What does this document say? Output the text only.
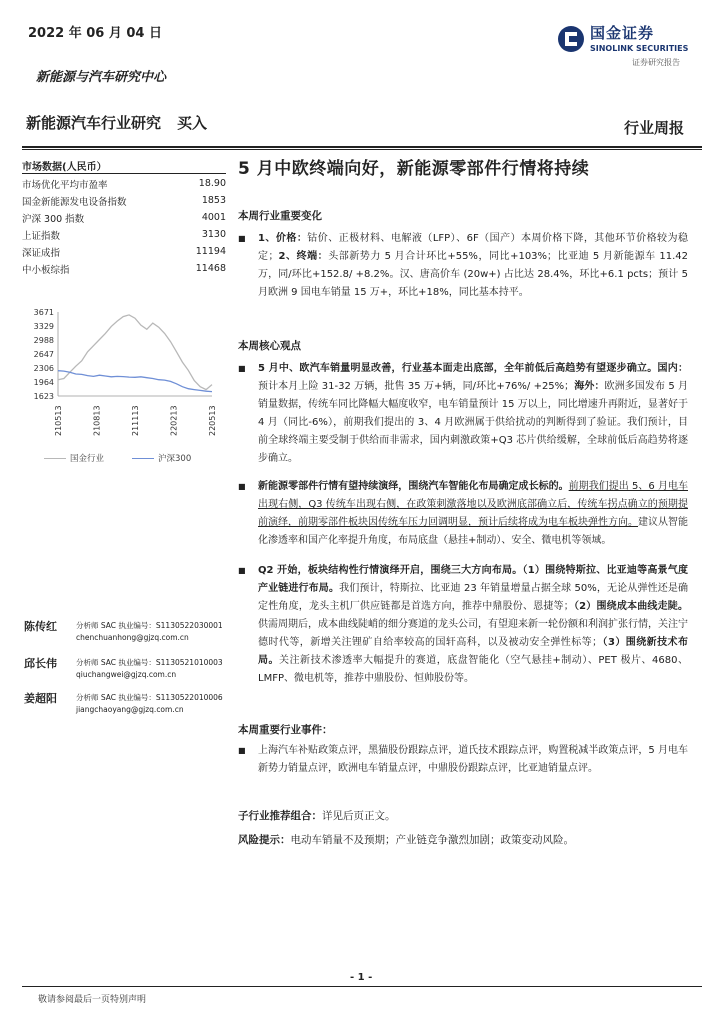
2022 年 06 月 04 日
新能源与汽车研究中心
国金证券
SINOLINK SECURITIES
证券研究报告
新能源汽车行业研究 买入	行业周报
市场数据(人民币）
市场优化平均市盈率	18.90
国金新能源发电设备指数	1853
沪深 300 指数	4001
上证指数	3130
深证成指	11194
中小板综指	11468
3671
3329
2988
2647
2306
1964
1623
210513	210813	211113	220213	220513
国金行业	沪深300
陈传红	分析师 SAC 执业编号：S1130522030001
chenchuanhong@gjzq.com.cn
邱长伟	分析师 SAC 执业编号：S1130521010003
qiuchangwei@gjzq.com.cn
姜超阳	分析师 SAC 执业编号：S1130522010006
jiangchaoyang@gjzq.com.cn
5 月中欧终端向好，新能源零部件行情将持续
本周行业重要变化
■ 1、价格：钴价、正极材料、电解液（LFP）、6F（国产）本周价格下降，其他环节价格较为稳定；2、终端：头部新势力 5 月合计环比+55%，同比+103%；比亚迪 5 月新能源车 11.42 万，同/环比+152.8/ +8.2%。汉、唐高价车 (20w+) 占比达 28.4%，环比+6.1 pcts；预计 5 月欧洲 9 国电车销量 15 万+，环比+18%，同比基本持平。
本周核心观点
■ 5 月中、欧汽车销量明显改善，行业基本面走出底部，全年前低后高趋势有望逐步确立。国内：预计本月上险 31-32 万辆，批售 35 万+辆，同/环比+76%/ +25%；海外：欧洲多国发布 5 月销量数据，传统车同比降幅大幅度收窄，电车销量预计 15 万以上，同比增速升再附近，显著好于 4 月（同比-6%），前期我们提出的 3、4 月欧洲属于供给扰动的判断得到了验证。我们预计，目前全球终端主要受制于供给而非需求，国内刺激政策+Q3 芯片供给缓解，全球前低后高趋势将逐步确立。
■ 新能源零部件行情有望持续演绎，围绕汽车智能化布局确定成长标的。前期我们提出 5、6 月电车出现右侧，Q3 传统车出现右侧，在政策刺激落地以及欧洲底部确立后，传统车拐点确立的预期提前演绎，前期零部件板块因传统车压力回调明显，预计后续将成为电车板块弹性方向。建议从智能化渗透率和国产化率提升角度，布局底盘（悬挂+制动）、安全、微电机等领域。
■ Q2 开始，板块结构性行情演绎开启，围绕三大方向布局。（1）围绕特斯拉、比亚迪等高景气度产业链进行布局。我们预计，特斯拉、比亚迪 23 年销量增量占据全球 50%，无论从弹性还是确定性角度，龙头主机厂供应链都是首选方向，推荐中鼎股份、恩捷等；（2）围绕成本曲线走陡。供需周期后，成本曲线陡峭的细分赛道的龙头公司，有望迎来新一轮份额和利润扩张行情，关注宁德时代等，新增关注锂矿自给率较高的国轩高科，以及被动安全弹性标等；（3）围绕新技术布局。关注新技术渗透率大幅提升的赛道，底盘智能化（空气悬挂+制动）、PET 极片、4680、LMFP、微电机等，推荐中鼎股份、恒帅股份等。
本周重要行业事件：
■ 上海汽车补贴政策点评，黑猫股份跟踪点评，道氏技术跟踪点评，购置税减半政策点评，5 月电车新势力销量点评，欧洲电车销量点评，中鼎股份跟踪点评，比亚迪销量点评。
子行业推荐组合：详见后页正文。
风险提示：电动车销量不及预期；产业链竞争激烈加剧；政策变动风险。
- 1 -
敬请参阅最后一页特别声明
